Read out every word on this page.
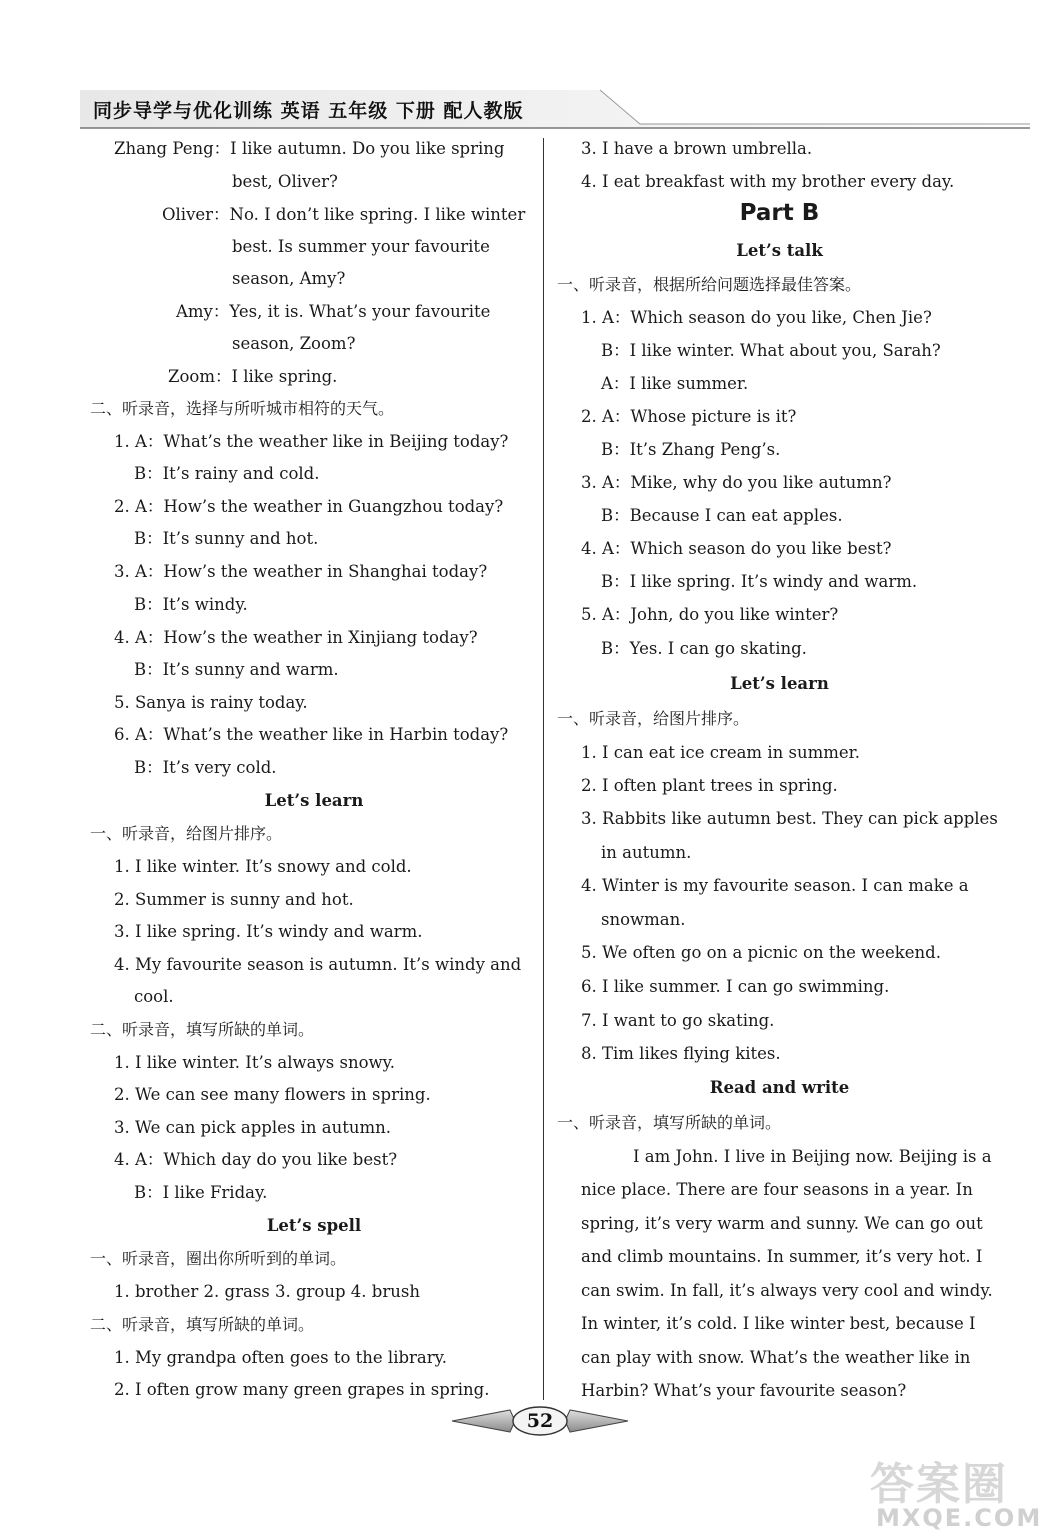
同步导学与优化训练 英语 五年级 下册 配人教版
Zhang Peng：I like autumn. Do you like spring
best, Oliver?
Oliver：No. I don’t like spring. I like winter
best. Is summer your favourite
season, Amy?
Amy：Yes, it is. What’s your favourite
season, Zoom?
Zoom：I like spring.
二、听录音，选择与所听城市相符的天气。
1. A：What’s the weather like in Beijing today?
B：It’s rainy and cold.
2. A：How’s the weather in Guangzhou today?
B：It’s sunny and hot.
3. A：How’s the weather in Shanghai today?
B：It’s windy.
4. A：How’s the weather in Xinjiang today?
B：It’s sunny and warm.
5. Sanya is rainy today.
6. A：What’s the weather like in Harbin today?
B：It’s very cold.
Let’s learn
一、听录音，给图片排序。
1. I like winter. It’s snowy and cold.
2. Summer is sunny and hot.
3. I like spring. It’s windy and warm.
4. My favourite season is autumn. It’s windy and
cool.
二、听录音，填写所缺的单词。
1. I like winter. It’s always snowy.
2. We can see many flowers in spring.
3. We can pick apples in autumn.
4. A：Which day do you like best?
B：I like Friday.
Let’s spell
一、听录音，圈出你所听到的单词。
1. brother 2. grass 3. group 4. brush
二、听录音，填写所缺的单词。
1. My grandpa often goes to the library.
2. I often grow many green grapes in spring.
3. I have a brown umbrella.
4. I eat breakfast with my brother every day.
Part B
Let’s talk
一、听录音，根据所给问题选择最佳答案。
1. A：Which season do you like, Chen Jie?
B：I like winter. What about you, Sarah?
A：I like summer.
2. A：Whose picture is it?
B：It’s Zhang Peng’s.
3. A：Mike, why do you like autumn?
B：Because I can eat apples.
4. A：Which season do you like best?
B：I like spring. It’s windy and warm.
5. A：John, do you like winter?
B：Yes. I can go skating.
Let’s learn
一、听录音，给图片排序。
1. I can eat ice cream in summer.
2. I often plant trees in spring.
3. Rabbits like autumn best. They can pick apples
in autumn.
4. Winter is my favourite season. I can make a
snowman.
5. We often go on a picnic on the weekend.
6. I like summer. I can go swimming.
7. I want to go skating.
8. Tim likes flying kites.
Read and write
一、听录音，填写所缺的单词。
I am John. I live in Beijing now. Beijing is a
nice place. There are four seasons in a year. In
spring, it’s very warm and sunny. We can go out
and climb mountains. In summer, it’s very hot. I
can swim. In fall, it’s always very cool and windy.
In winter, it’s cold. I like winter best, because I
can play with snow. What’s the weather like in
Harbin? What’s your favourite season?
52
答案圈
MXQE.COM
